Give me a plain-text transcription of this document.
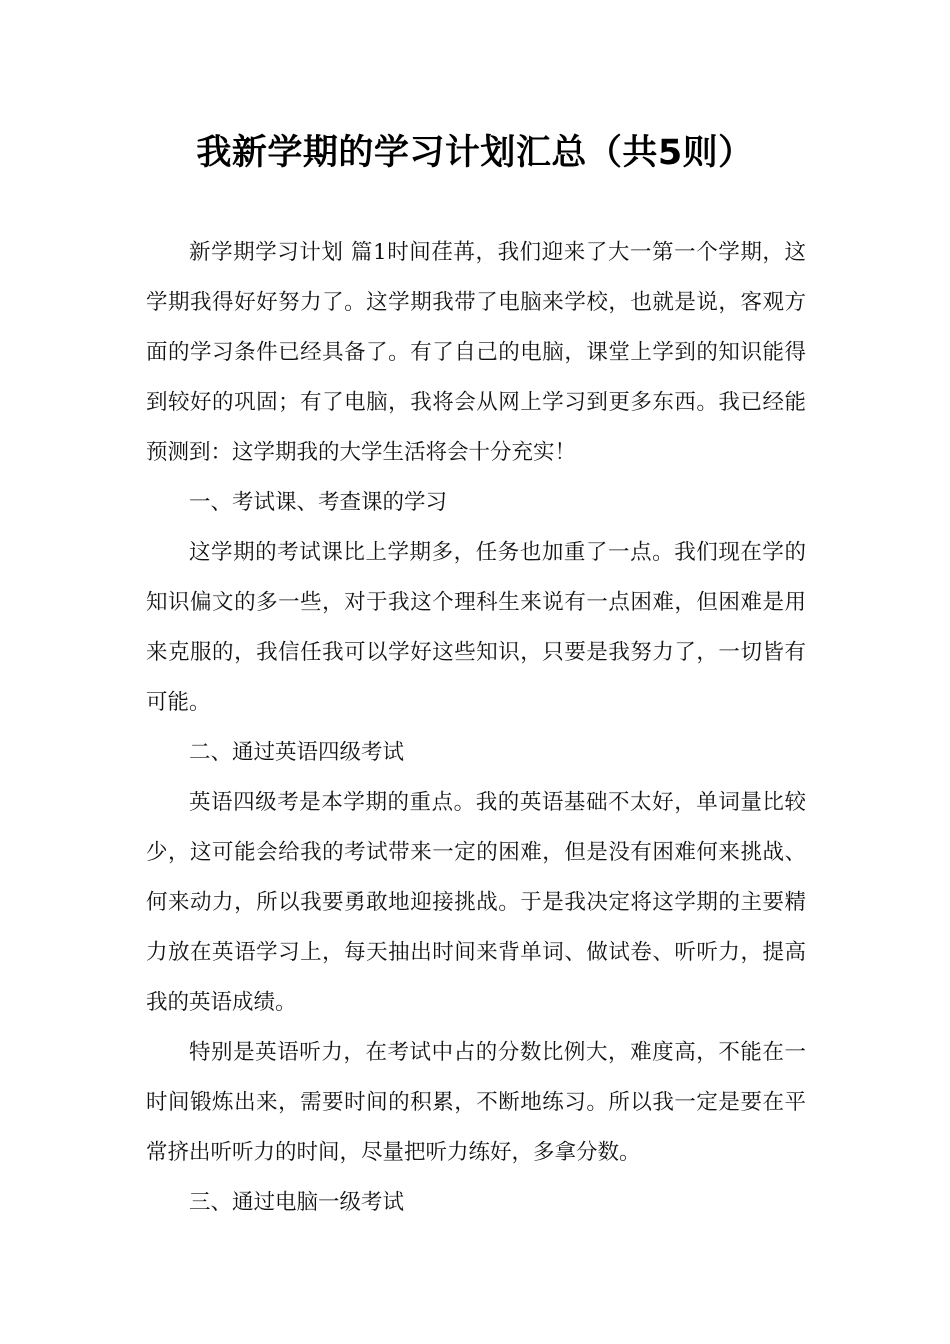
我新学期的学习计划汇总（共5则）

新学期学习计划 篇1时间荏苒，我们迎来了大一第一个学期，这学期我得好好努力了。这学期我带了电脑来学校，也就是说，客观方面的学习条件已经具备了。有了自己的电脑，课堂上学到的知识能得到较好的巩固；有了电脑，我将会从网上学习到更多东西。我已经能预测到：这学期我的大学生活将会十分充实！

一、考试课、考查课的学习

这学期的考试课比上学期多，任务也加重了一点。我们现在学的知识偏文的多一些，对于我这个理科生来说有一点困难，但困难是用来克服的，我信任我可以学好这些知识，只要是我努力了，一切皆有可能。

二、通过英语四级考试

英语四级考是本学期的重点。我的英语基础不太好，单词量比较少，这可能会给我的考试带来一定的困难，但是没有困难何来挑战、何来动力，所以我要勇敢地迎接挑战。于是我决定将这学期的主要精力放在英语学习上，每天抽出时间来背单词、做试卷、听听力，提高我的英语成绩。

特别是英语听力，在考试中占的分数比例大，难度高，不能在一时间锻炼出来，需要时间的积累，不断地练习。所以我一定是要在平常挤出听听力的时间，尽量把听力练好，多拿分数。

三、通过电脑一级考试
